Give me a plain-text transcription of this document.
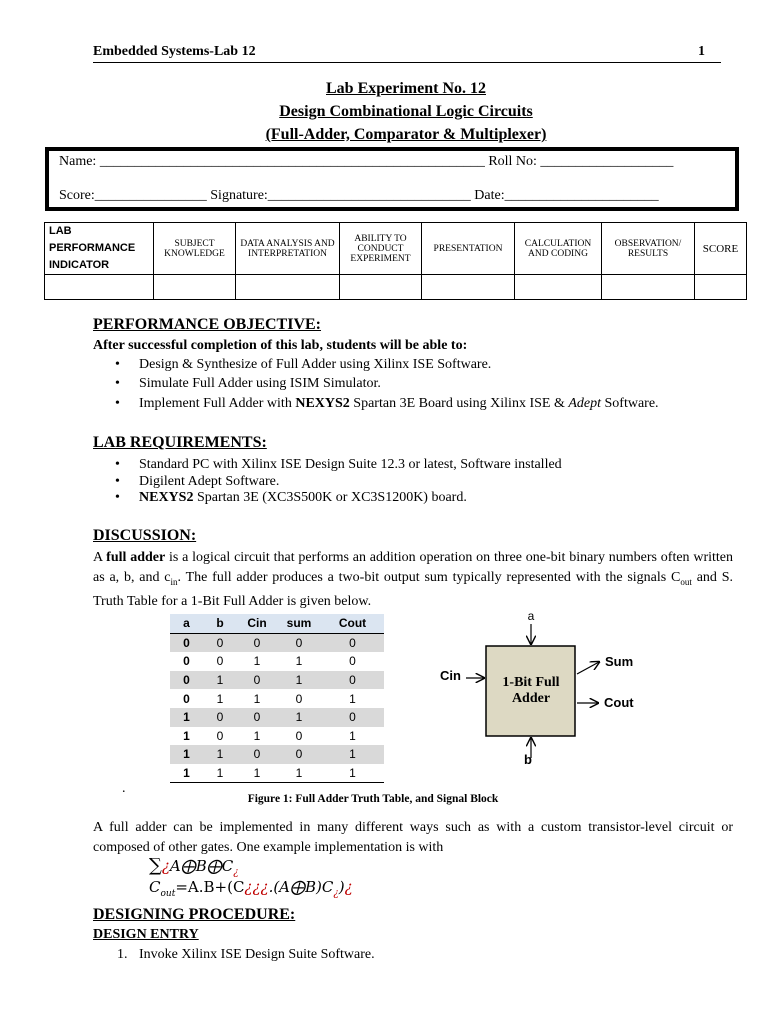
Embedded Systems-Lab 12	1
Lab Experiment No. 12
Design Combinational Logic Circuits
(Full-Adder, Comparator & Multiplexer)
Name: _______________________________________________________ Roll No: ___________________
Score:________________ Signature:_____________________________ Date:______________________
LAB PERFORMANCE INDICATOR	SUBJECT KNOWLEDGE	DATA ANALYSIS AND INTERPRETATION	ABILITY TO CONDUCT EXPERIMENT	PRESENTATION	CALCULATION AND CODING	OBSERVATION/ RESULTS	SCORE

PERFORMANCE OBJECTIVE:
After successful completion of this lab, students will be able to:
• Design & Synthesize of Full Adder using Xilinx ISE Software.
• Simulate Full Adder using ISIM Simulator.
• Implement Full Adder with NEXYS2 Spartan 3E Board using Xilinx ISE & Adept Software.
LAB REQUIREMENTS:
• Standard PC with Xilinx ISE Design Suite 12.3 or latest, Software installed
• Digilent Adept Software.
• NEXYS2 Spartan 3E (XC3S500K or XC3S1200K) board.
DISCUSSION:
A full adder is a logical circuit that performs an addition operation on three one-bit binary numbers often written as a, b, and $c_{in}$. The full adder produces a two-bit output sum typically represented with the signals $C_{out}$ and S. Truth Table for a 1-Bit Full Adder is given below.
a	b	Cin	sum	Cout
0	0	0	0	0
0	0	1	1	0
0	1	0	1	0
0	1	1	0	1
1	0	0	1	0
1	0	1	0	1
1	1	0	0	1
1	1	1	1	1
1-Bit Full
Adder
a
b
Cin
Sum
Cout
.
Figure 1: Full Adder Truth Table, and Signal Block
A full adder can be implemented in many different ways such as with a custom transistor-level circuit or composed of other gates. One example implementation is with
$\sum¿A⨁B⨁C_¿$
$C_{out}=A.B+(C¿¿¿.(A⨁B)C_¿)¿$
DESIGNING PROCEDURE:
DESIGN ENTRY
1. Invoke Xilinx ISE Design Suite Software.
